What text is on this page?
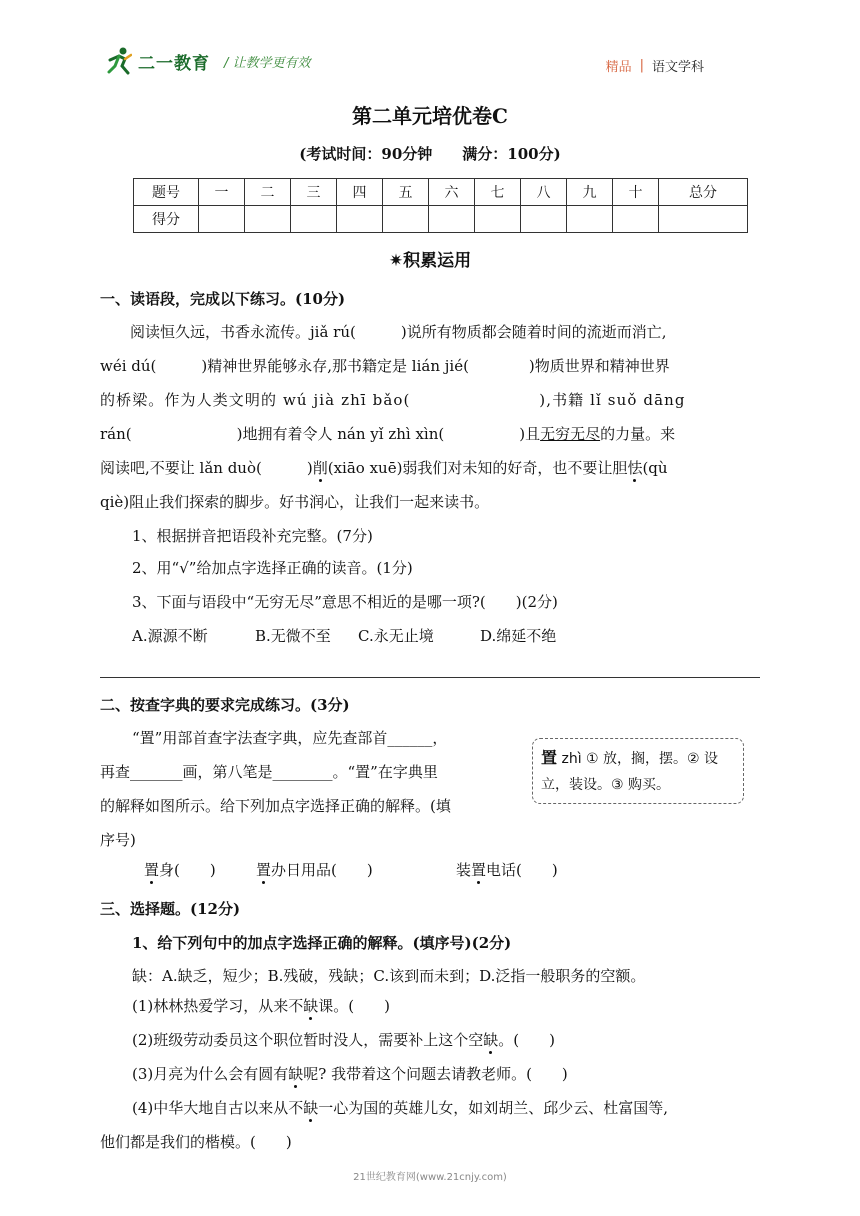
二一教育 / 让教学更有效	精品 | 语文学科
第二单元培优卷C
(考试时间：90分钟　　满分：100分)
题号	一	二	三	四	五	六	七	八	九	十	总分
得分											
✷积累运用
一、读语段，完成以下练习。(10分)
　　阅读恒久远，书香永流传。jiǎ rú(　　　)说所有物质都会随着时间的流逝而消亡,
wéi dú(　　　)精神世界能够永存,那书籍定是 lián jié(　　　　)物质世界和精神世界
的桥梁。作为人类文明的 wú jià zhī bǎo(　　　　　　　　),书籍 lǐ suǒ dāng
rán(　　　　　　　)地拥有着令人 nán yǐ zhì xìn(　　　　　)且无穷无尽的力量。来
阅读吧,不要让 lǎn duò(　　　)削(xiāo xuē)弱我们对未知的好奇，也不要让胆怯(qù
qiè)阻止我们探索的脚步。好书润心，让我们一起来读书。
1、根据拼音把语段补充完整。(7分)
2、用“√”给加点字选择正确的读音。(1分)
3、下面与语段中“无穷无尽”意思不相近的是哪一项?(　　)(2分)
A.源源不断	B.无微不至 C.永无止境	D.绵延不绝
二、按查字典的要求完成练习。(3分)
“置”用部首查字法查字典，应先查部首______，
再查_______画，第八笔是________。“置”在字典里
的解释如图所示。给下列加点字选择正确的解释。(填
序号)
置 zhì ① 放，搁，摆。② 设
立，装设。③ 购买。
置身(　　)	置办日用品(　　)	装置电话(　　)
三、选择题。(12分)
1、给下列句中的加点字选择正确的解释。(填序号)(2分)
缺：A.缺乏，短少；B.残破，残缺；C.该到而未到；D.泛指一般职务的空额。
(1)林林热爱学习，从来不缺课。(　　)
(2)班级劳动委员这个职位暂时没人，需要补上这个空缺。(　　)
(3)月亮为什么会有圆有缺呢? 我带着这个问题去请教老师。(　　)
(4)中华大地自古以来从不缺一心为国的英雄儿女，如刘胡兰、邱少云、杜富国等,
他们都是我们的楷模。(　　)
21世纪教育网(www.21cnjy.com)
